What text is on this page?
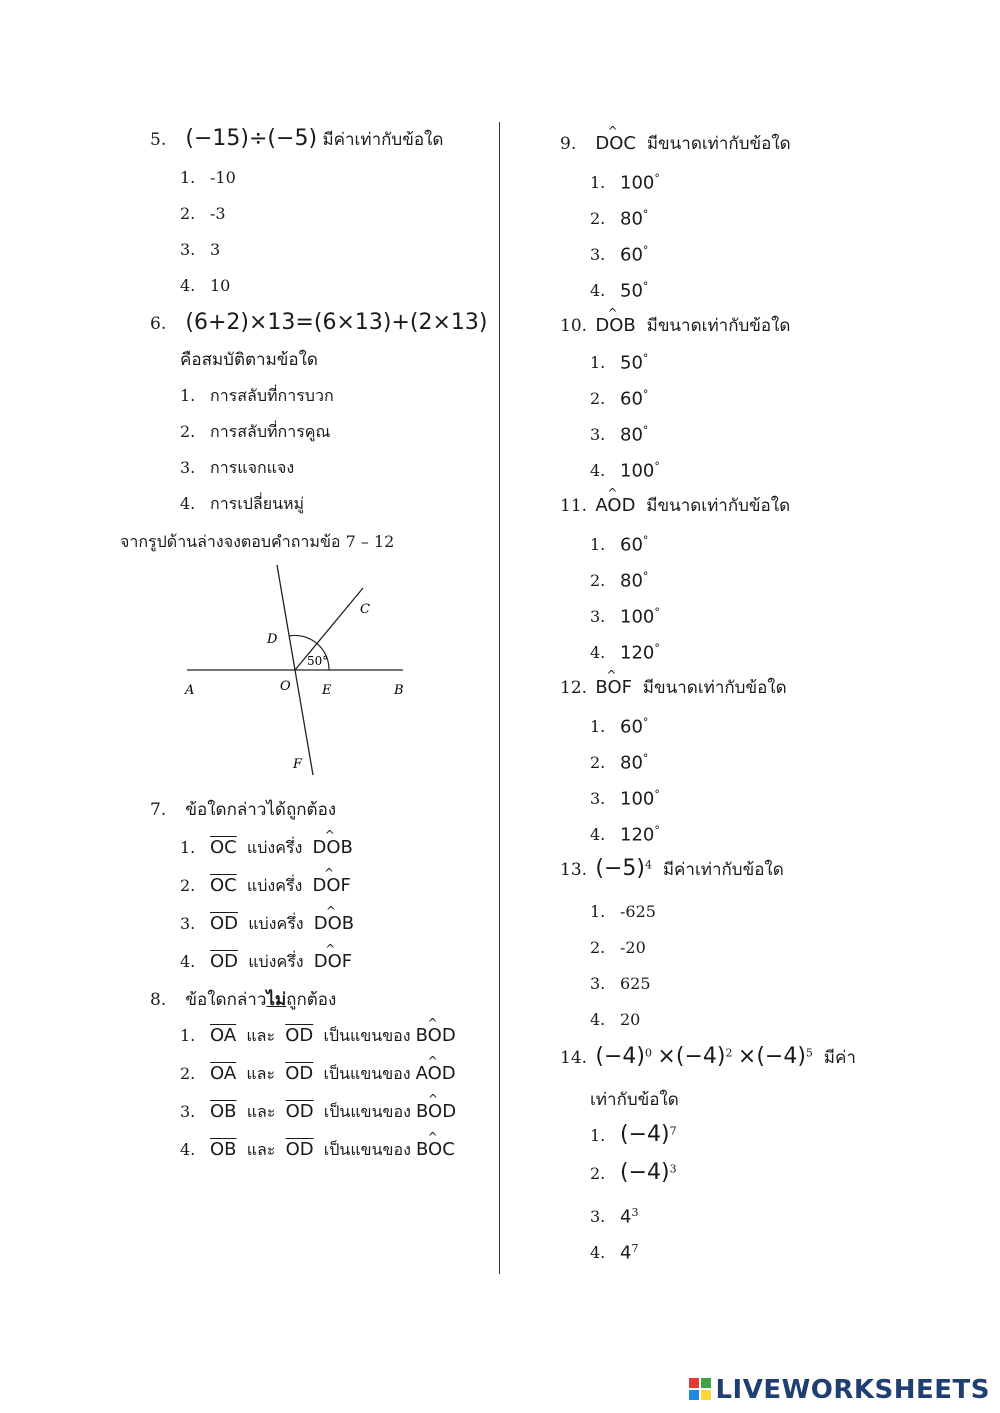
5. (−15)÷(−5) มีค่าเท่ากับข้อใด
1. -10
2. -3
3. 3
4. 10
6. (6+2)×13=(6×13)+(2×13)
คือสมบัติตามข้อใด
1. การสลับที่การบวก
2. การสลับที่การคูณ
3. การแจกแจง
4. การเปลี่ยนหมู่
จากรูปด้านล่างจงตอบคำถามข้อ 7 – 12
50°
D
C
A	O E	B
F
7. ข้อใดกล่าวได้ถูกต้อง
1. $\overline{OC}$ แบ่งครึ่ง DOB ^
2. $\overline{OC}$ แบ่งครึ่ง DOF ^
3. $\overline{OD}$ แบ่งครึ่ง DOB ^
4. $\overline{OD}$ แบ่งครึ่ง DOF ^
8. ข้อใดกล่าวไม่ถูกต้อง
1. $\overline{OA}$ และ $\overline{OD}$ เป็นแขนของ BOD ^
2. $\overline{OA}$ และ $\overline{OD}$ เป็นแขนของ AOD ^
3. $\overline{OB}$ และ $\overline{OD}$ เป็นแขนของ BOD ^
4. $\overline{OB}$ และ $\overline{OD}$ เป็นแขนของ BOC ^
9. DOC ^ มีขนาดเท่ากับข้อใด
1. 100°
2. 80°
3. 60°
4. 50°
10. DOB ^ มีขนาดเท่ากับข้อใด
1. 50°
2. 60°
3. 80°
4. 100°
11. AOD ^ มีขนาดเท่ากับข้อใด
1. 60°
2. 80°
3. 100°
4. 120°
12. BOF ^ มีขนาดเท่ากับข้อใด
1. 60°
2. 80°
3. 100°
4. 120°
13. $(-5)^4$ มีค่าเท่ากับข้อใด
1. -625
2. -20
3. 625
4. 20
14. $(-4)^0 \times(-4)^2 \times(-4)^5$ มีค่า
เท่ากับข้อใด
1. $(-4)^7$
2. $(-4)^3$
3. $4^3$
4. $4^7$
LIVEWORKSHEETS
